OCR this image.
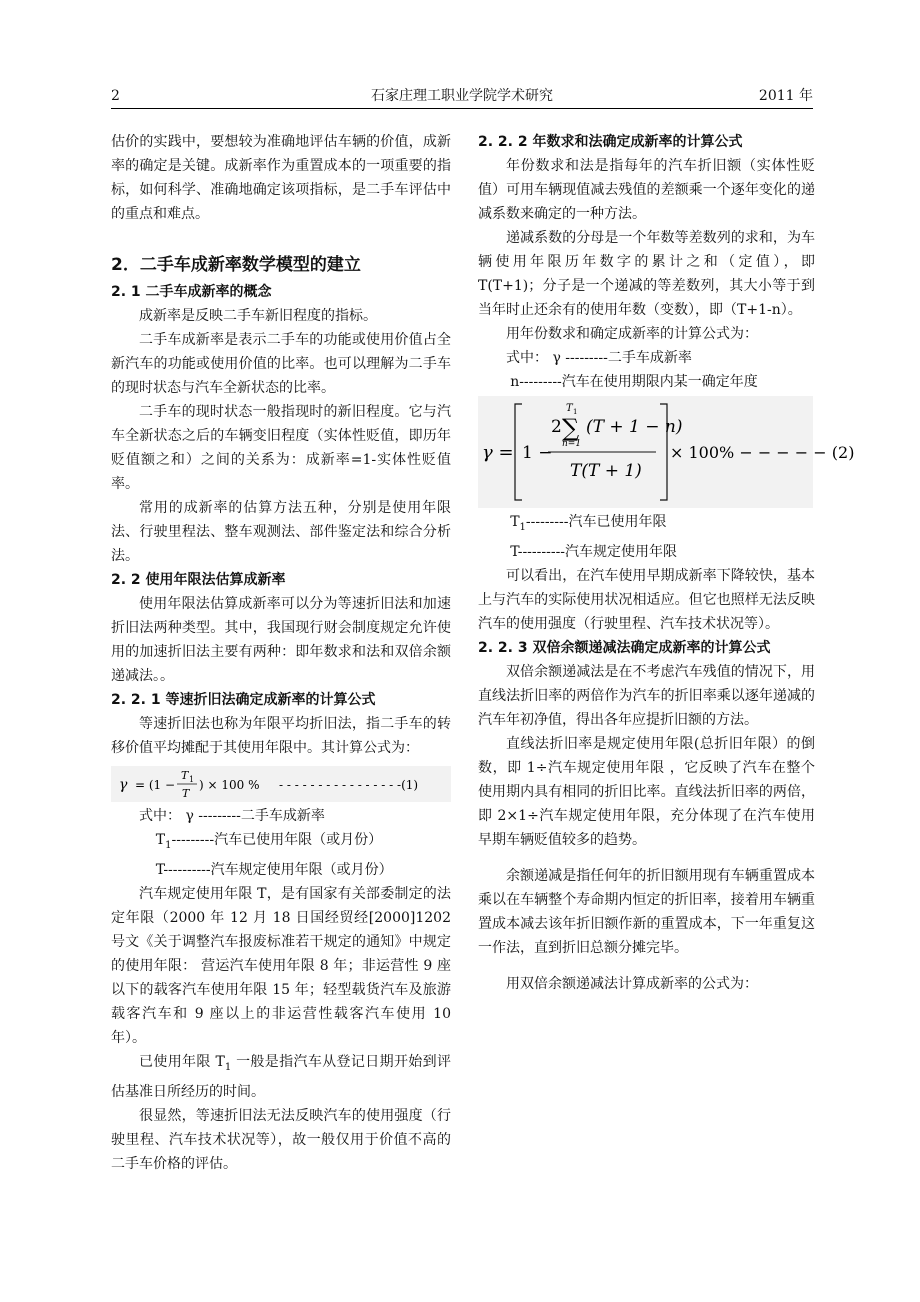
2	石家庄理工职业学院学术研究	2011 年

估价的实践中，要想较为准确地评估车辆的价值，成新率的确定是关键。成新率作为重置成本的一项重要的指标，如何科学、准确地确定该项指标，是二手车评估中的重点和难点。

2．二手车成新率数学模型的建立
2. 1 二手车成新率的概念

成新率是反映二手车新旧程度的指标。

二手车成新率是表示二手车的功能或使用价值占全新汽车的功能或使用价值的比率。也可以理解为二手车的现时状态与汽车全新状态的比率。

二手车的现时状态一般指现时的新旧程度。它与汽车全新状态之后的车辆变旧程度（实体性贬值，即历年贬值额之和）之间的关系为：成新率=1-实体性贬值率。

常用的成新率的估算方法五种，分别是使用年限法、行驶里程法、整车观测法、部件鉴定法和综合分析法。

2. 2 使用年限法估算成新率

使用年限法估算成新率可以分为等速折旧法和加速折旧法两种类型。其中，我国现行财会制度规定允许使用的加速折旧法主要有两种：即年数求和法和双倍余额递减法。。

2. 2. 1 等速折旧法确定成新率的计算公式

等速折旧法也称为年限平均折旧法，指二手车的转移价值平均摊配于其使用年限中。其计算公式为：

γ = (1 −
T 1
T
) × 100 % - - - - - - - - - - - - - - - -(1)
式中： γ ---------二手车成新率
$T_1---------$汽车已使用年限（或月份）
T----------汽车规定使用年限（或月份）

汽车规定使用年限 T，是有国家有关部委制定的法定年限（2000 年 12 月 18 日国经贸经[2000]1202 号文《关于调整汽车报废标准若干规定的通知》中规定的使用年限： 营运汽车使用年限 8 年；非运营性 9 座以下的载客汽车使用年限 15 年；轻型载货汽车及旅游载客汽车和 9 座以上的非运营性载客汽车使用 10 年）。

已使用年限 $T_1$ 一般是指汽车从登记日期开始到评估基准日所经历的时间。

很显然，等速折旧法无法反映汽车的使用强度（行驶里程、汽车技术状况等），故一般仅用于价值不高的二手车价格的评估。

2. 2. 2 年数求和法确定成新率的计算公式

年份数求和法是指每年的汽车折旧额（实体性贬值）可用车辆现值减去残值的差额乘一个逐年变化的递减系数来确定的一种方法。

递减系数的分母是一个年数等差数列的求和，为车辆使用年限历年数字的累计之和（定值），即 T(T+1)；分子是一个递减的等差数列，其大小等于到当年时止还余有的使用年数（变数），即（T+1-n）。

用年份数求和确定成新率的计算公式为：

式中： γ ---------二手车成新率
n---------汽车在使用期限内某一确定年度
γ = 1 −
2 ∑
T 1
n=1
(T + 1 − n)
T(T + 1)
× 100% − − − − − (2)
$T_1---------$汽车已使用年限
T----------汽车规定使用年限

可以看出，在汽车使用早期成新率下降较快，基本上与汽车的实际使用状况相适应。但它也照样无法反映汽车的使用强度（行驶里程、汽车技术状况等）。

2. 2. 3 双倍余额递减法确定成新率的计算公式

双倍余额递减法是在不考虑汽车残值的情况下，用直线法折旧率的两倍作为汽车的折旧率乘以逐年递减的汽车年初净值，得出各年应提折旧额的方法。

直线法折旧率是规定使用年限(总折旧年限）的倒数，即 1÷汽车规定使用年限 ，它反映了汽车在整个使用期内具有相同的折旧比率。直线法折旧率的两倍，即 2×1÷汽车规定使用年限，充分体现了在汽车使用早期车辆贬值较多的趋势。

余额递减是指任何年的折旧额用现有车辆重置成本乘以在车辆整个寿命期内恒定的折旧率，接着用车辆重置成本减去该年折旧额作新的重置成本，下一年重复这一作法，直到折旧总额分摊完毕。

用双倍余额递减法计算成新率的公式为：
